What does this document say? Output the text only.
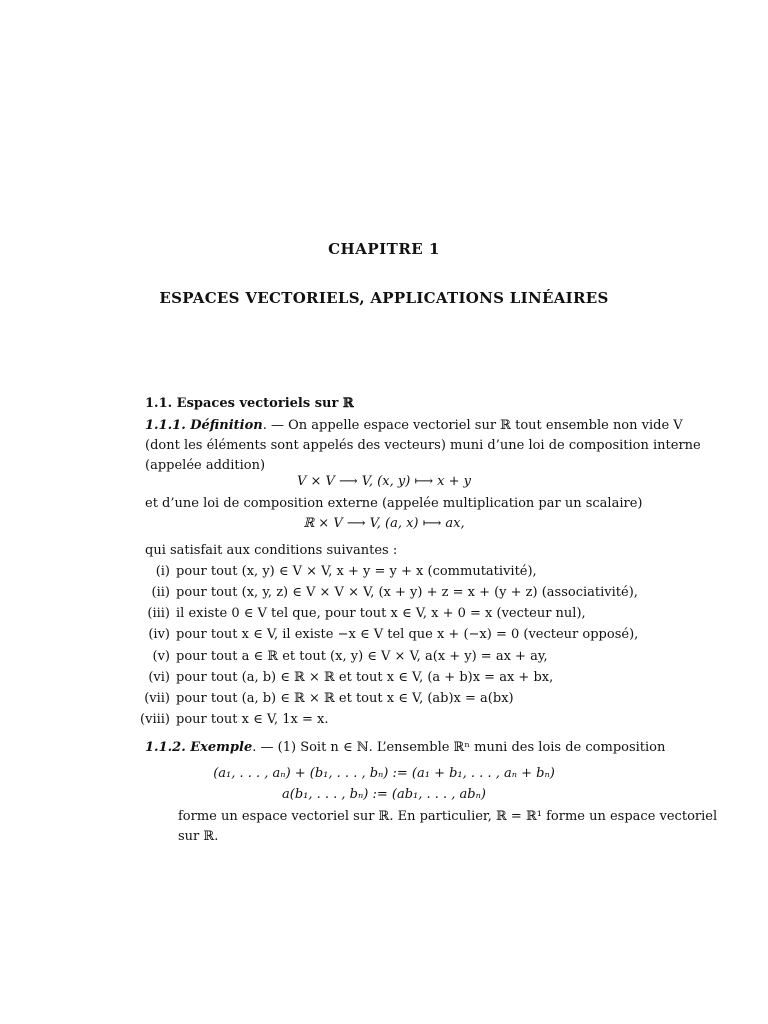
CHAPITRE 1
ESPACES VECTORIELS, APPLICATIONS LINÉAIRES
1.1. Espaces vectoriels sur ℝ
1.1.1. Définition. — On appelle espace vectoriel sur ℝ tout ensemble non vide V
(dont les éléments sont appelés des vecteurs) muni d’une loi de composition interne
(appelée addition)
V × V ⟶ V, (x, y) ⟼ x + y
et d’une loi de composition externe (appelée multiplication par un scalaire)
ℝ × V ⟶ V, (a, x) ⟼ ax,
qui satisfait aux conditions suivantes :
(i) pour tout (x, y) ∈ V × V, x + y = y + x (commutativité),
(ii) pour tout (x, y, z) ∈ V × V × V, (x + y) + z = x + (y + z) (associativité),
(iii) il existe 0 ∈ V tel que, pour tout x ∈ V, x + 0 = x (vecteur nul),
(iv) pour tout x ∈ V, il existe −x ∈ V tel que x + (−x) = 0 (vecteur opposé),
(v) pour tout a ∈ ℝ et tout (x, y) ∈ V × V, a(x + y) = ax + ay,
(vi) pour tout (a, b) ∈ ℝ × ℝ et tout x ∈ V, (a + b)x = ax + bx,
(vii) pour tout (a, b) ∈ ℝ × ℝ et tout x ∈ V, (ab)x = a(bx)
(viii) pour tout x ∈ V, 1x = x.
1.1.2. Exemple. — (1) Soit n ∈ ℕ. L’ensemble ℝⁿ muni des lois de composition
(a₁, . . . , aₙ) + (b₁, . . . , bₙ) := (a₁ + b₁, . . . , aₙ + bₙ)
a(b₁, . . . , bₙ) := (ab₁, . . . , abₙ)
forme un espace vectoriel sur ℝ. En particulier, ℝ = ℝ¹ forme un espace vectoriel
sur ℝ.
